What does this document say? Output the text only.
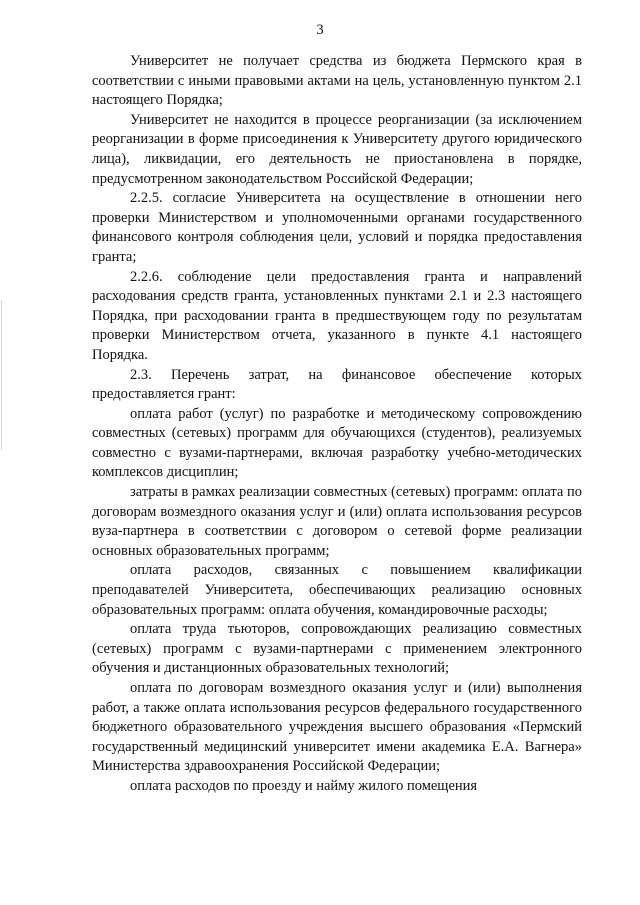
3

Университет не получает средства из бюджета Пермского края в соответствии с иными правовыми актами на цель, установленную пунктом 2.1 настоящего Порядка;

Университет не находится в процессе реорганизации (за исключением реорганизации в форме присоединения к Университету другого юридического лица), ликвидации, его деятельность не приостановлена в порядке, предусмотренном законодательством Российской Федерации;

2.2.5. согласие Университета на осуществление в отношении него проверки Министерством и уполномоченными органами государственного финансового контроля соблюдения цели, условий и порядка предоставления гранта;

2.2.6. соблюдение цели предоставления гранта и направлений расходования средств гранта, установленных пунктами 2.1 и 2.3 настоящего Порядка, при расходовании гранта в предшествующем году по результатам проверки Министерством отчета, указанного в пункте 4.1 настоящего Порядка.

2.3. Перечень затрат, на финансовое обеспечение которых предоставляется грант:

оплата работ (услуг) по разработке и методическому сопровождению совместных (сетевых) программ для обучающихся (студентов), реализуемых совместно с вузами-партнерами, включая разработку учебно-методических комплексов дисциплин;

затраты в рамках реализации совместных (сетевых) программ: оплата по договорам возмездного оказания услуг и (или) оплата использования ресурсов вуза-партнера в соответствии с договором о сетевой форме реализации основных образовательных программ;

оплата расходов, связанных с повышением квалификации преподавателей Университета, обеспечивающих реализацию основных образовательных программ: оплата обучения, командировочные расходы;

оплата труда тьюторов, сопровождающих реализацию совместных (сетевых) программ с вузами-партнерами с применением электронного обучения и дистанционных образовательных технологий;

оплата по договорам возмездного оказания услуг и (или) выполнения работ, а также оплата использования ресурсов федерального государственного бюджетного образовательного учреждения высшего образования «Пермский государственный медицинский университет имени академика Е.А. Вагнера» Министерства здравоохранения Российской Федерации;

оплата расходов по проезду и найму жилого помещения
